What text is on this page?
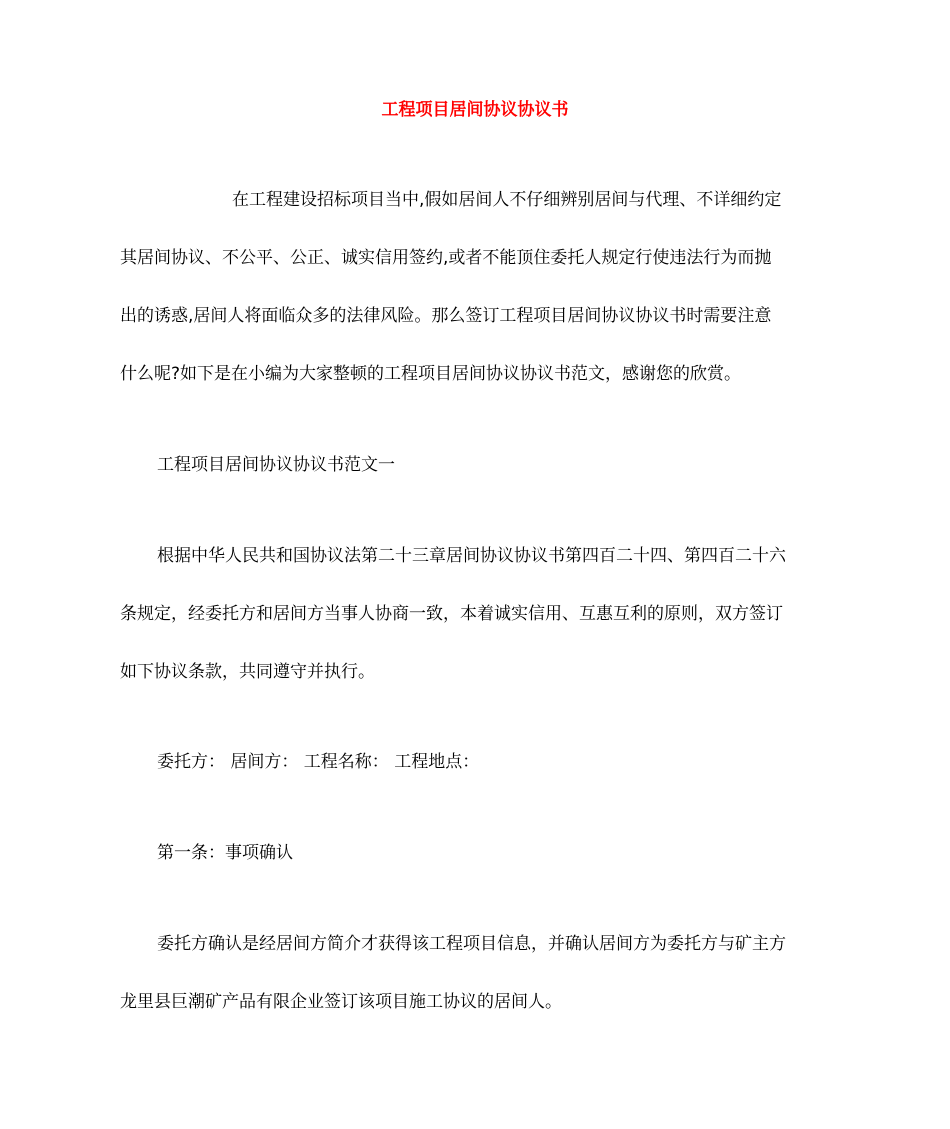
工程项目居间协议协议书

在工程建设招标项目当中,假如居间人不仔细辨别居间与代理、不详细约定

其居间协议、不公平、公正、诚实信用签约,或者不能顶住委托人规定行使违法行为而抛

出的诱惑,居间人将面临众多的法律风险。那么签订工程项目居间协议协议书时需要注意

什么呢?如下是在小编为大家整顿的工程项目居间协议协议书范文，感谢您的欣赏。

工程项目居间协议协议书范文一

根据中华人民共和国协议法第二十三章居间协议协议书第四百二十四、第四百二十六

条规定，经委托方和居间方当事人协商一致，本着诚实信用、互惠互利的原则，双方签订

如下协议条款，共同遵守并执行。

委托方： 居间方： 工程名称： 工程地点：

第一条：事项确认

委托方确认是经居间方简介才获得该工程项目信息，并确认居间方为委托方与矿主方

龙里县巨潮矿产品有限企业签订该项目施工协议的居间人。
